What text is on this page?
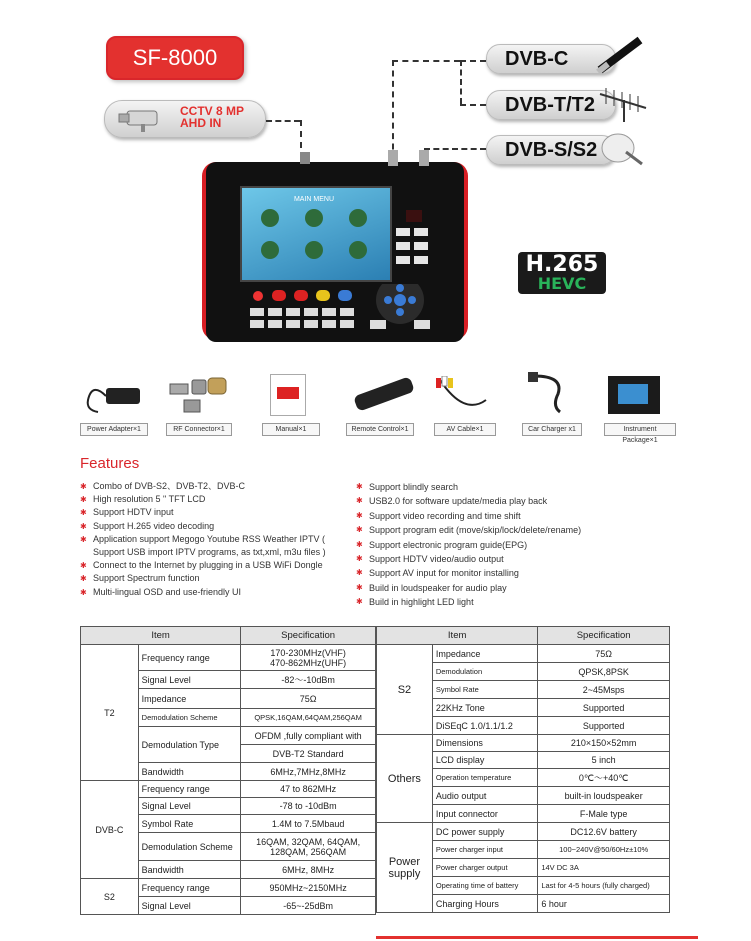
SF-8000
CCTV 8 MP
AHD IN
DVB-C
DVB-T/T2
DVB-S/S2
MAIN MENU
H.265
HEVC
Power Adapter×1	RF Connector×1	Manual×1	Remote Control×1	AV Cable×1	Car Charger x1	Instrument Package×1
Features
✱ Combo of DVB-S2、DVB-T2、DVB-C
✱ High resolution 5 " TFT LCD
✱ Support HDTV input
✱ Support H.265 video decoding
✱ Application support Megogo Youtube RSS Weather IPTV ( Support USB import IPTV programs, as txt,xml, m3u files )
✱ Connect to the Internet by plugging in a USB WiFi Dongle
✱ Support Spectrum function
✱ Multi-lingual OSD and use-friendly UI
✱ Support blindly search
✱ USB2.0 for software update/media play back
✱ Support video recording and time shift
✱ Support program edit (move/skip/lock/delete/rename)
✱ Support electronic program guide(EPG)
✱ Support HDTV video/audio output
✱ Support AV input for monitor installing
✱ Build in loudspeaker for audio play
✱ Build in highlight LED light
Item		Specification
T2	Frequency range	170-230MHz(VHF)
470-862MHz(UHF)

	Signal Level	-82～-10dBm
	Impedance	75Ω
	Demodulation Scheme	QPSK,16QAM,64QAM,256QAM
	Demodulation Type	OFDM ,fully compliant with
		DVB-T2 Standard
	Bandwidth	6MHz,7MHz,8MHz
DVB-C	Frequency range	47 to 862MHz
	Signal Level	-78 to -10dBm
	Symbol Rate	1.4M to 7.5Mbaud
	Demodulation Scheme	16QAM, 32QAM, 64QAM,
128QAM, 256QAM

	Bandwidth	6MHz, 8MHz
S2	Frequency range	950MHz~2150MHz
	Signal Level	-65~-25dBm
Item		Specification
S2	Impedance	75Ω
	Demodulation	QPSK,8PSK
	Symbol Rate	2~45Msps
	22KHz Tone	Supported
	DiSEqC 1.0/1.1/1.2	Supported
Others	Dimensions	210×150×52mm
	LCD display	5 inch
	Operation temperature	0℃～+40℃
	Audio output	built-in loudspeaker
	Input connector	F-Male type

Power
supply	DC power supply	DC12.6V battery
	Power charger input	100~240V@50/60Hz±10%
	Power charger output	14V DC 3A
	Operating time of battery	Last for 4-5 hours (fully charged)
	Charging Hours	6 hour
